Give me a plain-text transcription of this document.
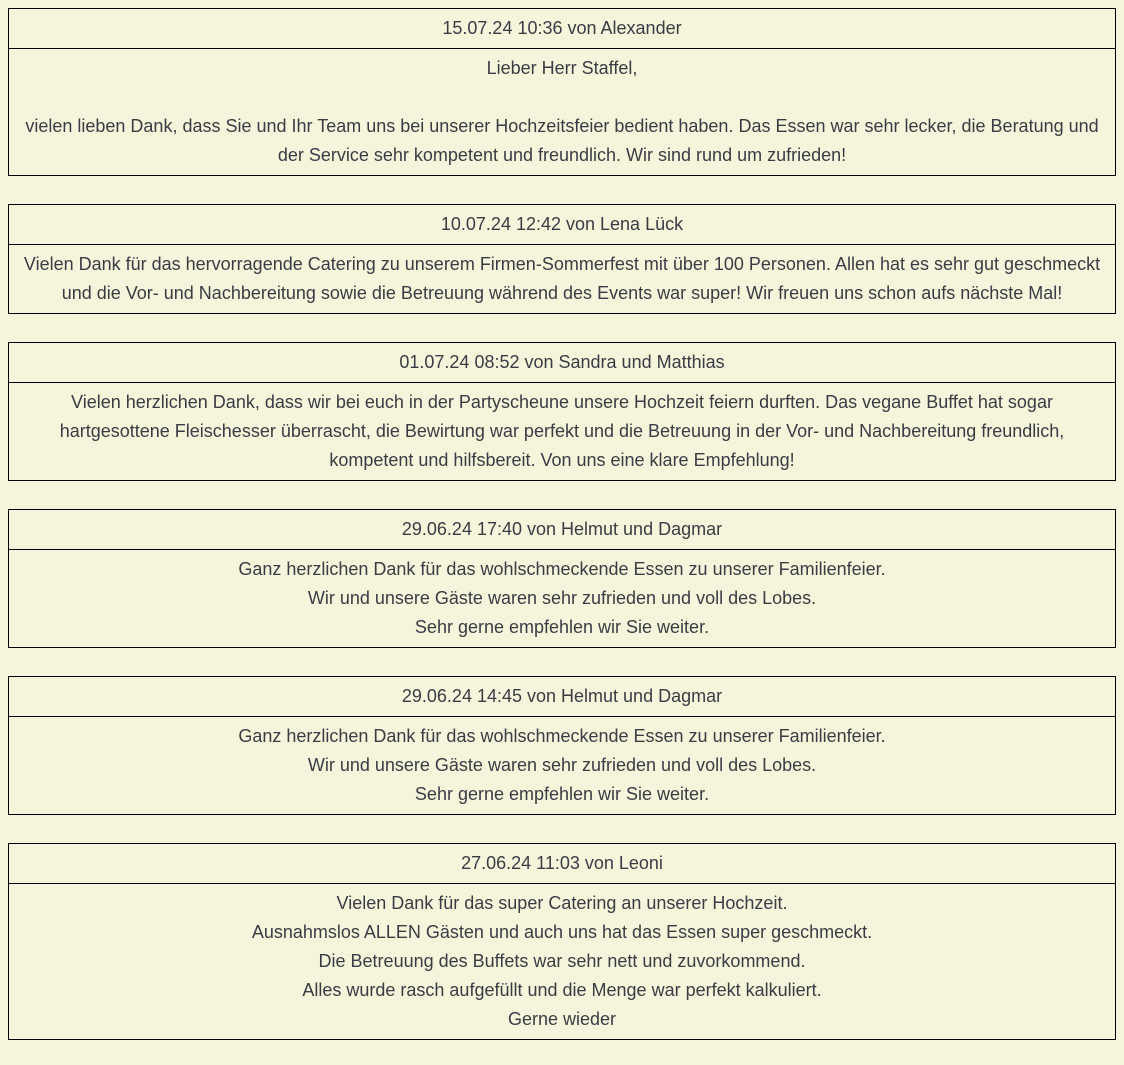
15.07.24 10:36 von Alexander
Lieber Herr Staffel,

vielen lieben Dank, dass Sie und Ihr Team uns bei unserer Hochzeitsfeier bedient haben. Das Essen war sehr lecker, die Beratung und der Service sehr kompetent und freundlich. Wir sind rund um zufrieden!
10.07.24 12:42 von Lena Lück
Vielen Dank für das hervorragende Catering zu unserem Firmen-Sommerfest mit über 100 Personen. Allen hat es sehr gut geschmeckt und die Vor- und Nachbereitung sowie die Betreuung während des Events war super! Wir freuen uns schon aufs nächste Mal!
01.07.24 08:52 von Sandra und Matthias
Vielen herzlichen Dank, dass wir bei euch in der Partyscheune unsere Hochzeit feiern durften. Das vegane Buffet hat sogar hartgesottene Fleischesser überrascht, die Bewirtung war perfekt und die Betreuung in der Vor- und Nachbereitung freundlich, kompetent und hilfsbereit. Von uns eine klare Empfehlung!
29.06.24 17:40 von Helmut und Dagmar
Ganz herzlichen Dank für das wohlschmeckende Essen zu unserer Familienfeier.
Wir und unsere Gäste waren sehr zufrieden und voll des Lobes.
Sehr gerne empfehlen wir Sie weiter.
29.06.24 14:45 von Helmut und Dagmar
Ganz herzlichen Dank für das wohlschmeckende Essen zu unserer Familienfeier.
Wir und unsere Gäste waren sehr zufrieden und voll des Lobes.
Sehr gerne empfehlen wir Sie weiter.
27.06.24 11:03 von Leoni
Vielen Dank für das super Catering an unserer Hochzeit.
Ausnahmslos ALLEN Gästen und auch uns hat das Essen super geschmeckt.
Die Betreuung des Buffets war sehr nett und zuvorkommend.
Alles wurde rasch aufgefüllt und die Menge war perfekt kalkuliert.
Gerne wieder
